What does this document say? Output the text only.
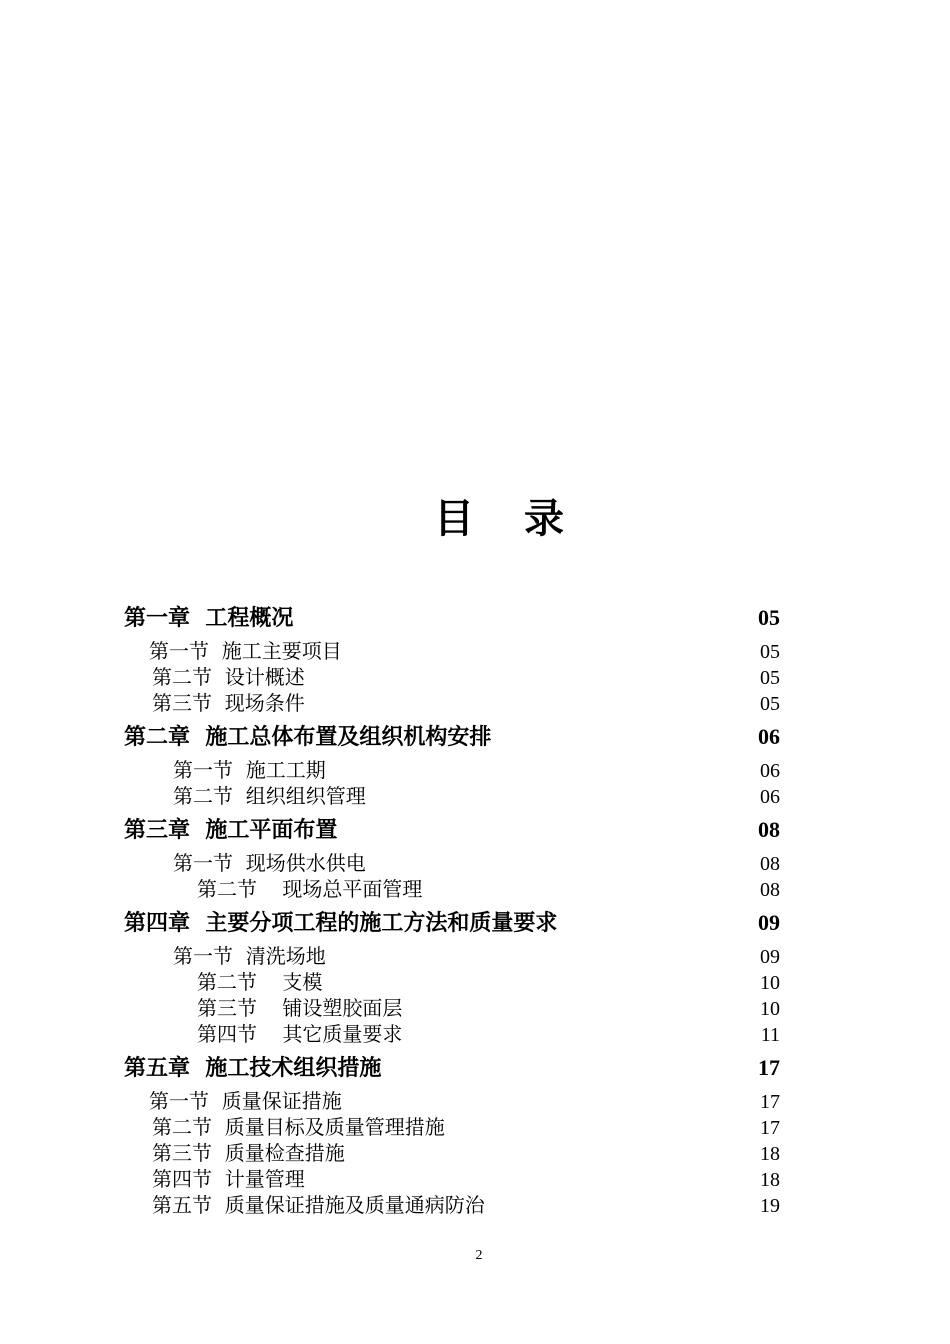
目 录
第一章  工程概况	05
第一节  施工主要项目	05
第二节  设计概述	05
第三节  现场条件	05
第二章  施工总体布置及组织机构安排	06
第一节  施工工期	06
第二节  组织组织管理	06
第三章  施工平面布置	08
第一节  现场供水供电	08
第二节    现场总平面管理	08
第四章  主要分项工程的施工方法和质量要求	09
第一节  清洗场地	09
第二节    支模	10
第三节    铺设塑胶面层	10
第四节    其它质量要求	11
第五章  施工技术组织措施	17
第一节  质量保证措施	17
第二节  质量目标及质量管理措施	17
第三节  质量检查措施	18
第四节  计量管理	18
第五节  质量保证措施及质量通病防治	19
2
